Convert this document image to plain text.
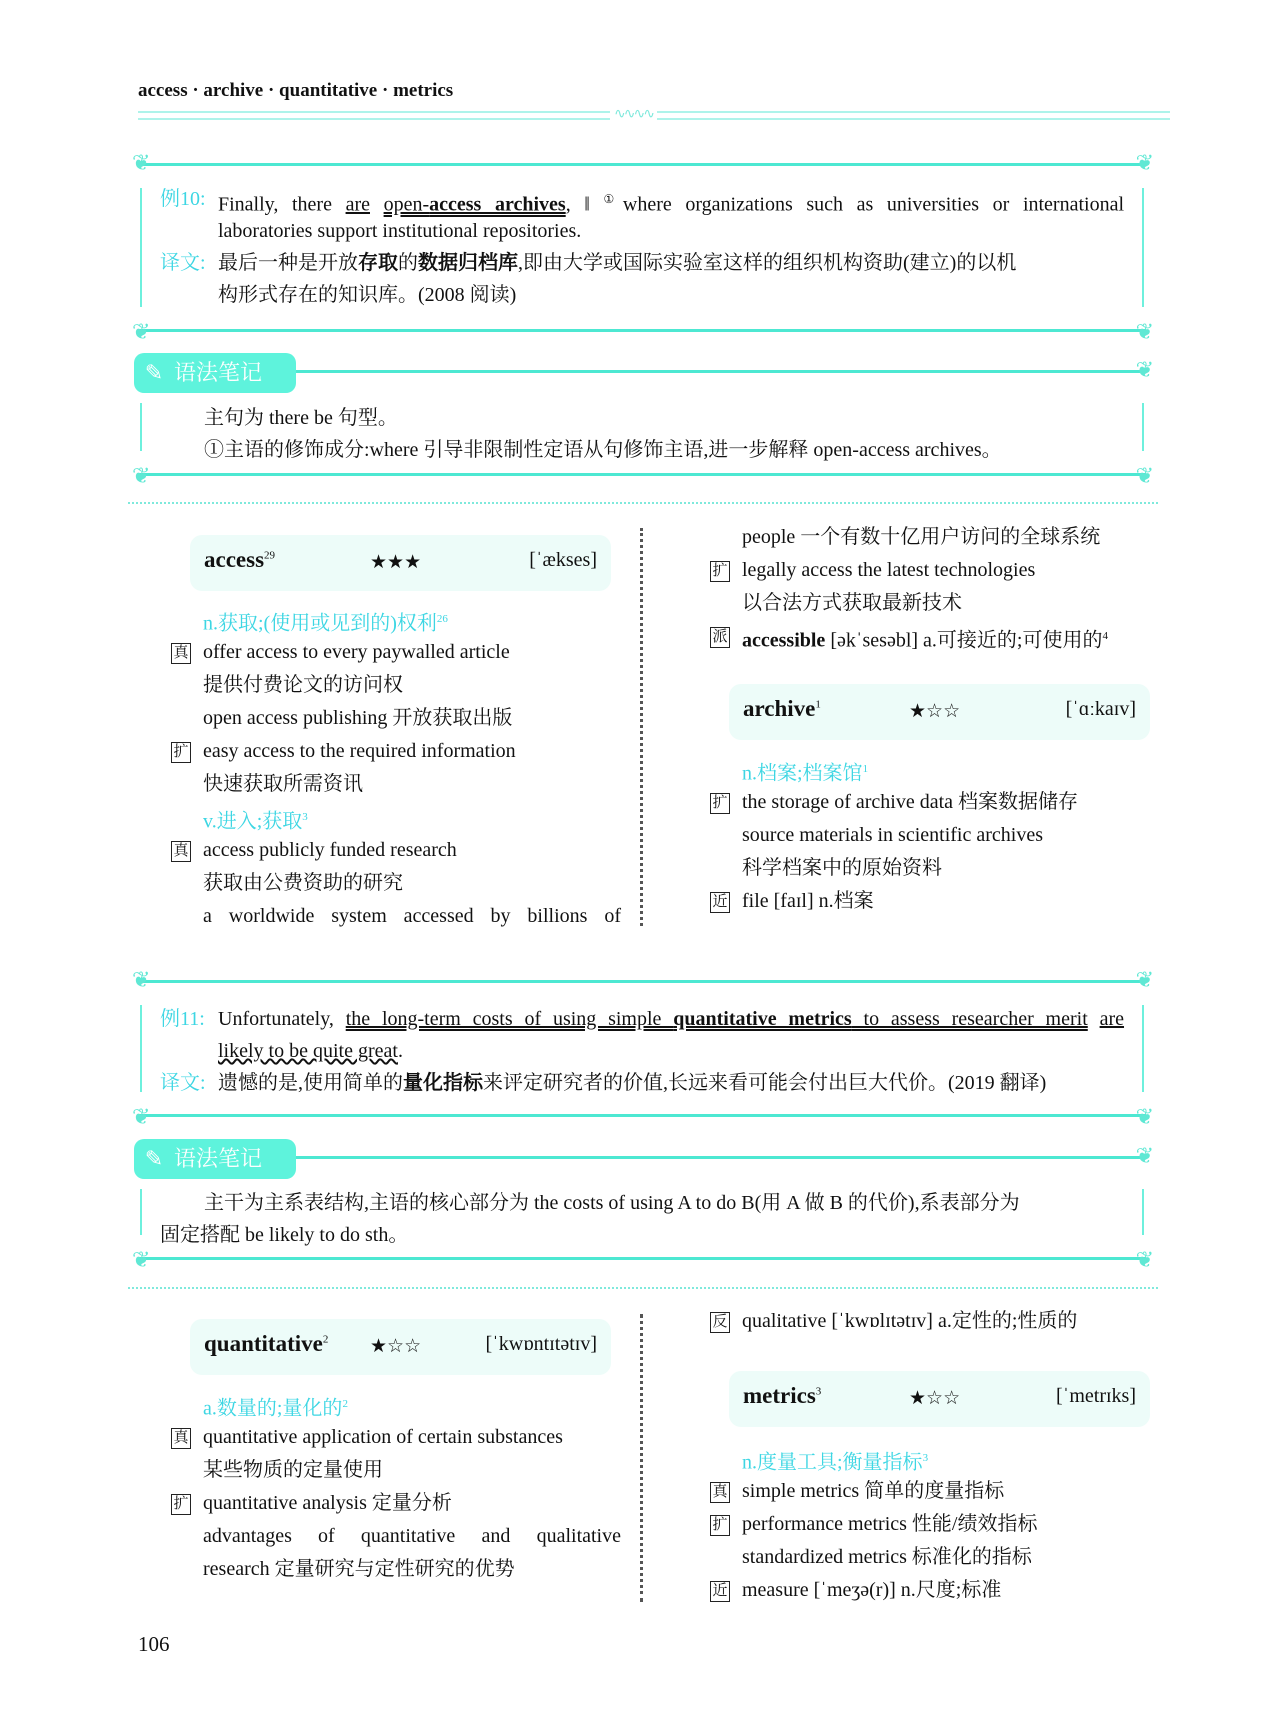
access · archive · quantitative · metrics
∿∿∿∿
❦	❦
❦	❦
例10: Finally, there are open-access archives, ‖ ①where organizations such as universities or international
laboratories support institutional repositories.
译文: 最后一种是开放存取的数据归档库,即由大学或国际实验室这样的组织机构资助(建立)的以机
构形式存在的知识库。(2008 阅读)
❦
❦	❦
主句为 there be 句型。
①主语的修饰成分:where 引导非限制性定语从句修饰主语,进一步解释 open-access archives。
✎ 语法笔记
access$^{29}$	★★★	[ˈækses]
n.获取;(使用或见到的)权利$^{26}$
真 offer access to every paywalled article
提供付费论文的访问权
open access publishing 开放获取出版
扩 easy access to the required information
快速获取所需资讯
v.进入;获取$^3$
真 access publicly funded research
获取由公费资助的研究
a worldwide system accessed by billions of
people 一个有数十亿用户访问的全球系统
扩 legally access the latest technologies
以合法方式获取最新技术
派 accessible [əkˈsesəbl] a.可接近的;可使用的$^4$
archive$^1$	★☆☆	[ˈɑːkaɪv]
n.档案;档案馆$^1$
扩 the storage of archive data 档案数据储存
source materials in scientific archives
科学档案中的原始资料
近 file [faɪl] n.档案
❦	❦
❦	❦
例11: Unfortunately, the long-term costs of using simple quantitative metrics to assess researcher merit are
likely to be quite great.
译文: 遗憾的是,使用简单的量化指标来评定研究者的价值,长远来看可能会付出巨大代价。(2019 翻译)
❦
❦	❦
主干为主系表结构,主语的核心部分为 the costs of using A to do B(用 A 做 B 的代价),系表部分为
固定搭配 be likely to do sth。
✎ 语法笔记
quantitative$^2$ ★☆☆	[ˈkwɒntɪtətɪv]
a.数量的;量化的$^2$
真 quantitative application of certain substances
某些物质的定量使用
扩 quantitative analysis 定量分析
advantages of quantitative and qualitative
research 定量研究与定性研究的优势
反 qualitative [ˈkwɒlɪtətɪv] a.定性的;性质的
metrics$^3$	★☆☆	[ˈmetrɪks]
n.度量工具;衡量指标$^3$
真 simple metrics 简单的度量指标
扩 performance metrics 性能/绩效指标
standardized metrics 标准化的指标
近 measure [ˈmeʒə(r)] n.尺度;标准
106
